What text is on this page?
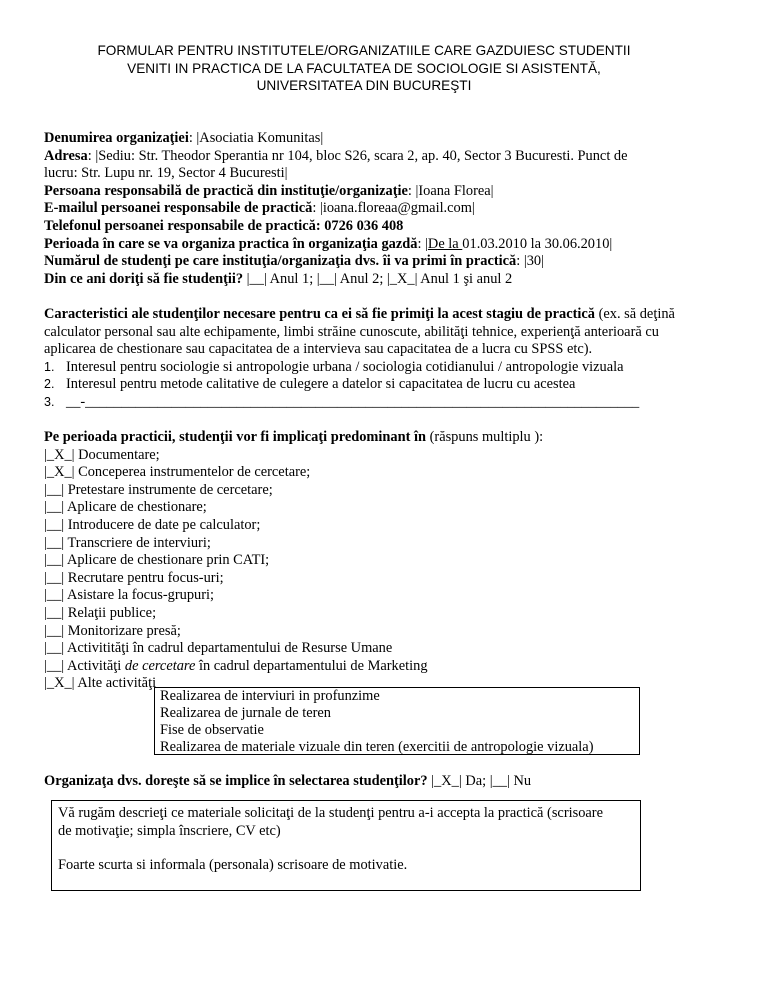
FORMULAR PENTRU INSTITUTELE/ORGANIZATIILE CARE GAZDUIESC STUDENTII
VENITI IN PRACTICA DE LA FACULTATEA DE SOCIOLOGIE SI ASISTENTĂ,
UNIVERSITATEA DIN BUCUREŞTI
Denumirea organizaţiei: |Asociatia Komunitas|
Adresa: |Sediu: Str. Theodor Sperantia nr 104, bloc S26, scara 2, ap. 40, Sector 3 Bucuresti. Punct de
lucru: Str. Lupu nr. 19, Sector 4 Bucuresti|
Persoana responsabilă de practică din instituţie/organizaţie: |Ioana Florea|
E-mailul persoanei responsabile de practică: |ioana.floreaa@gmail.com|
Telefonul persoanei responsabile de practică: 0726 036 408
Perioada în care se va organiza practica în organizaţia gazdă: |De la 01.03.2010 la 30.06.2010|
Numărul de studenţi pe care instituţia/organizaţia dvs. îi va primi în practică: |30|
Din ce ani doriţi să fie studenţii? |__| Anul 1; |__| Anul 2; |_X_| Anul 1 şi anul 2
Caracteristici ale studenţilor necesare pentru ca ei să fie primiţi la acest stagiu de practică (ex. să deţină
calculator personal sau alte echipamente, limbi străine cunoscute, abilităţi tehnice, experienţă anterioară cu
aplicarea de chestionare sau capacitatea de a intervieva sau capacitatea de a lucra cu SPSS etc).
1. Interesul pentru sociologie si antropologie urbana / sociologia cotidianului / antropologie vizuala
2. Interesul pentru metode calitative de culegere a datelor si capacitatea de lucru cu acestea
3. __-_____________________________________________________________________________
Pe perioada practicii, studenţii vor fi implicaţi predominant în (răspuns multiplu ):
|_X_| Documentare;
|_X_| Conceperea instrumentelor de cercetare;
|__| Pretestare instrumente de cercetare;
|__| Aplicare de chestionare;
|__| Introducere de date pe calculator;
|__| Transcriere de interviuri;
|__| Aplicare de chestionare prin CATI;
|__| Recrutare pentru focus-uri;
|__| Asistare la focus-grupuri;
|__| Relaţii publice;
|__| Monitorizare presă;
|__| Activitităţi în cadrul departamentului de Resurse Umane
|__| Activităţi de cercetare în cadrul departamentului de Marketing
|_X_| Alte activităţi
Realizarea de interviuri in profunzime
Realizarea de jurnale de teren
Fise de observatie
Realizarea de materiale vizuale din teren (exercitii de antropologie vizuala)
Organizaţa dvs. doreşte să se implice în selectarea studenţilor? |_X_| Da; |__| Nu
Vă rugăm descrieţi ce materiale solicitaţi de la studenţi pentru a-i accepta la practică (scrisoare
de motivaţie; simpla înscriere, CV etc)
Foarte scurta si informala (personala) scrisoare de motivatie.
